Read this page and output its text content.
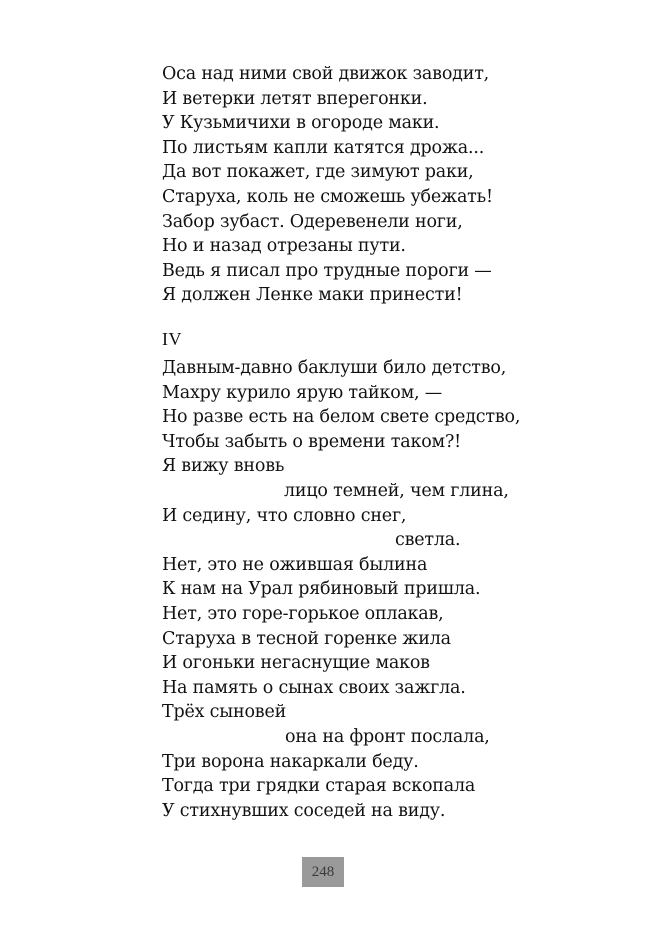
Оса над ними свой движок заводит,
И ветерки летят вперегонки.
У Кузьмичихи в огороде маки.
По листьям капли катятся дрожа...
Да вот покажет, где зимуют раки,
Старуха, коль не сможешь убежать!
Забор зубаст. Одеревенели ноги,
Но и назад отрезаны пути.
Ведь я писал про трудные пороги —
Я должен Ленке маки принести!
IV
Давным-давно баклуши било детство,
Махру курило ярую тайком, —
Но разве есть на белом свете средство,
Чтобы забыть о времени таком?!
Я вижу вновь
лицо темней, чем глина,
И седину, что словно снег,
светла.
Нет, это не ожившая былина
К нам на Урал рябиновый пришла.
Нет, это горе-горькое оплакав,
Старуха в тесной горенке жила
И огоньки негаснущие маков
На память о сынах своих зажгла.
Трёх сыновей
она на фронт послала,
Три ворона накаркали беду.
Тогда три грядки старая вскопала
У стихнувших соседей на виду.
248
